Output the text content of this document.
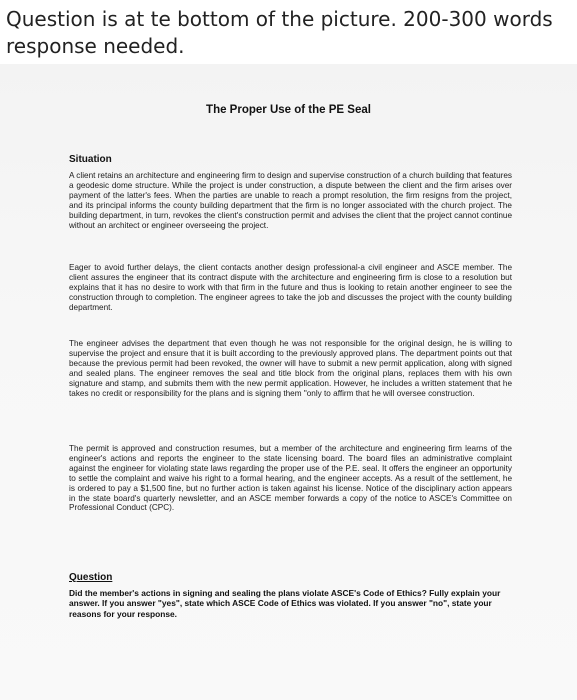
Question is at te bottom of the picture. 200-300 words response needed.
The Proper Use of the PE Seal
Situation

A client retains an architecture and engineering firm to design and supervise construction of a church building that features a geodesic dome structure. While the project is under construction, a dispute between the client and the firm arises over payment of the latter's fees. When the parties are unable to reach a prompt resolution, the firm resigns from the project, and its principal informs the county building department that the firm is no longer associated with the church project. The building department, in turn, revokes the client's construction permit and advises the client that the project cannot continue without an architect or engineer overseeing the project.

Eager to avoid further delays, the client contacts another design professional-a civil engineer and ASCE member. The client assures the engineer that its contract dispute with the architecture and engineering firm is close to a resolution but explains that it has no desire to work with that firm in the future and thus is looking to retain another engineer to see the construction through to completion. The engineer agrees to take the job and discusses the project with the county building department.

The engineer advises the department that even though he was not responsible for the original design, he is willing to supervise the project and ensure that it is built according to the previously approved plans. The department points out that because the previous permit had been revoked, the owner will have to submit a new permit application, along with signed and sealed plans. The engineer removes the seal and title block from the original plans, replaces them with his own signature and stamp, and submits them with the new permit application. However, he includes a written statement that he takes no credit or responsibility for the plans and is signing them "only to affirm that he will oversee construction.

The permit is approved and construction resumes, but a member of the architecture and engineering firm learns of the engineer's actions and reports the engineer to the state licensing board. The board files an administrative complaint against the engineer for violating state laws regarding the proper use of the P.E. seal. It offers the engineer an opportunity to settle the complaint and waive his right to a formal hearing, and the engineer accepts. As a result of the settlement, he is ordered to pay a $1,500 fine, but no further action is taken against his license. Notice of the disciplinary action appears in the state board's quarterly newsletter, and an ASCE member forwards a copy of the notice to ASCE's Committee on Professional Conduct (CPC).

Question

Did the member's actions in signing and sealing the plans violate ASCE's Code of Ethics? Fully explain your answer. If you answer "yes", state which ASCE Code of Ethics was violated. If you answer "no", state your reasons for your response.
